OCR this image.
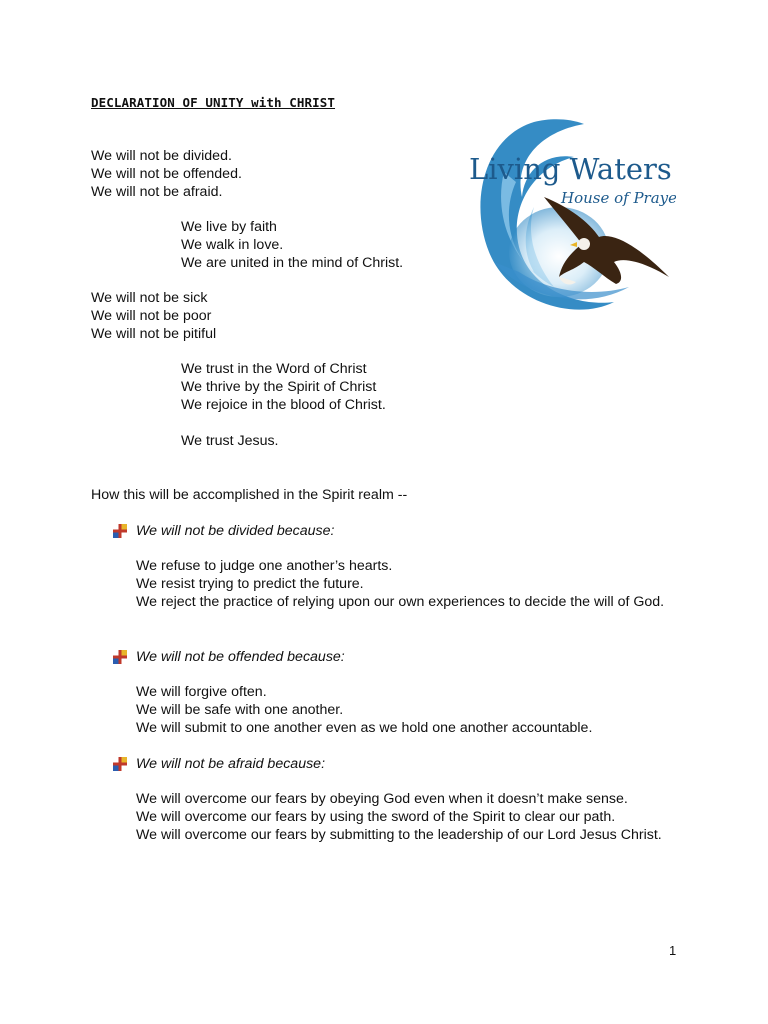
DECLARATION OF UNITY with CHRIST
Living Waters
House of Prayer
We will not be divided.
We will not be offended.
We will not be afraid.
We live by faith
We walk in love.
We are united in the mind of Christ.
We will not be sick
We will not be poor
We will not be pitiful
We trust in the Word of Christ
We thrive by the Spirit of Christ
We rejoice in the blood of Christ.
We trust Jesus.
How this will be accomplished in the Spirit realm --
We will not be divided because:
We refuse to judge one another’s hearts.
We resist trying to predict the future.
We reject the practice of relying upon our own experiences to decide the will of God.
We will not be offended because:
We will forgive often.
We will be safe with one another.
We will submit to one another even as we hold one another accountable.
We will not be afraid because:
We will overcome our fears by obeying God even when it doesn’t make sense.
We will overcome our fears by using the sword of the Spirit to clear our path.
We will overcome our fears by submitting to the leadership of our Lord Jesus Christ.
1
